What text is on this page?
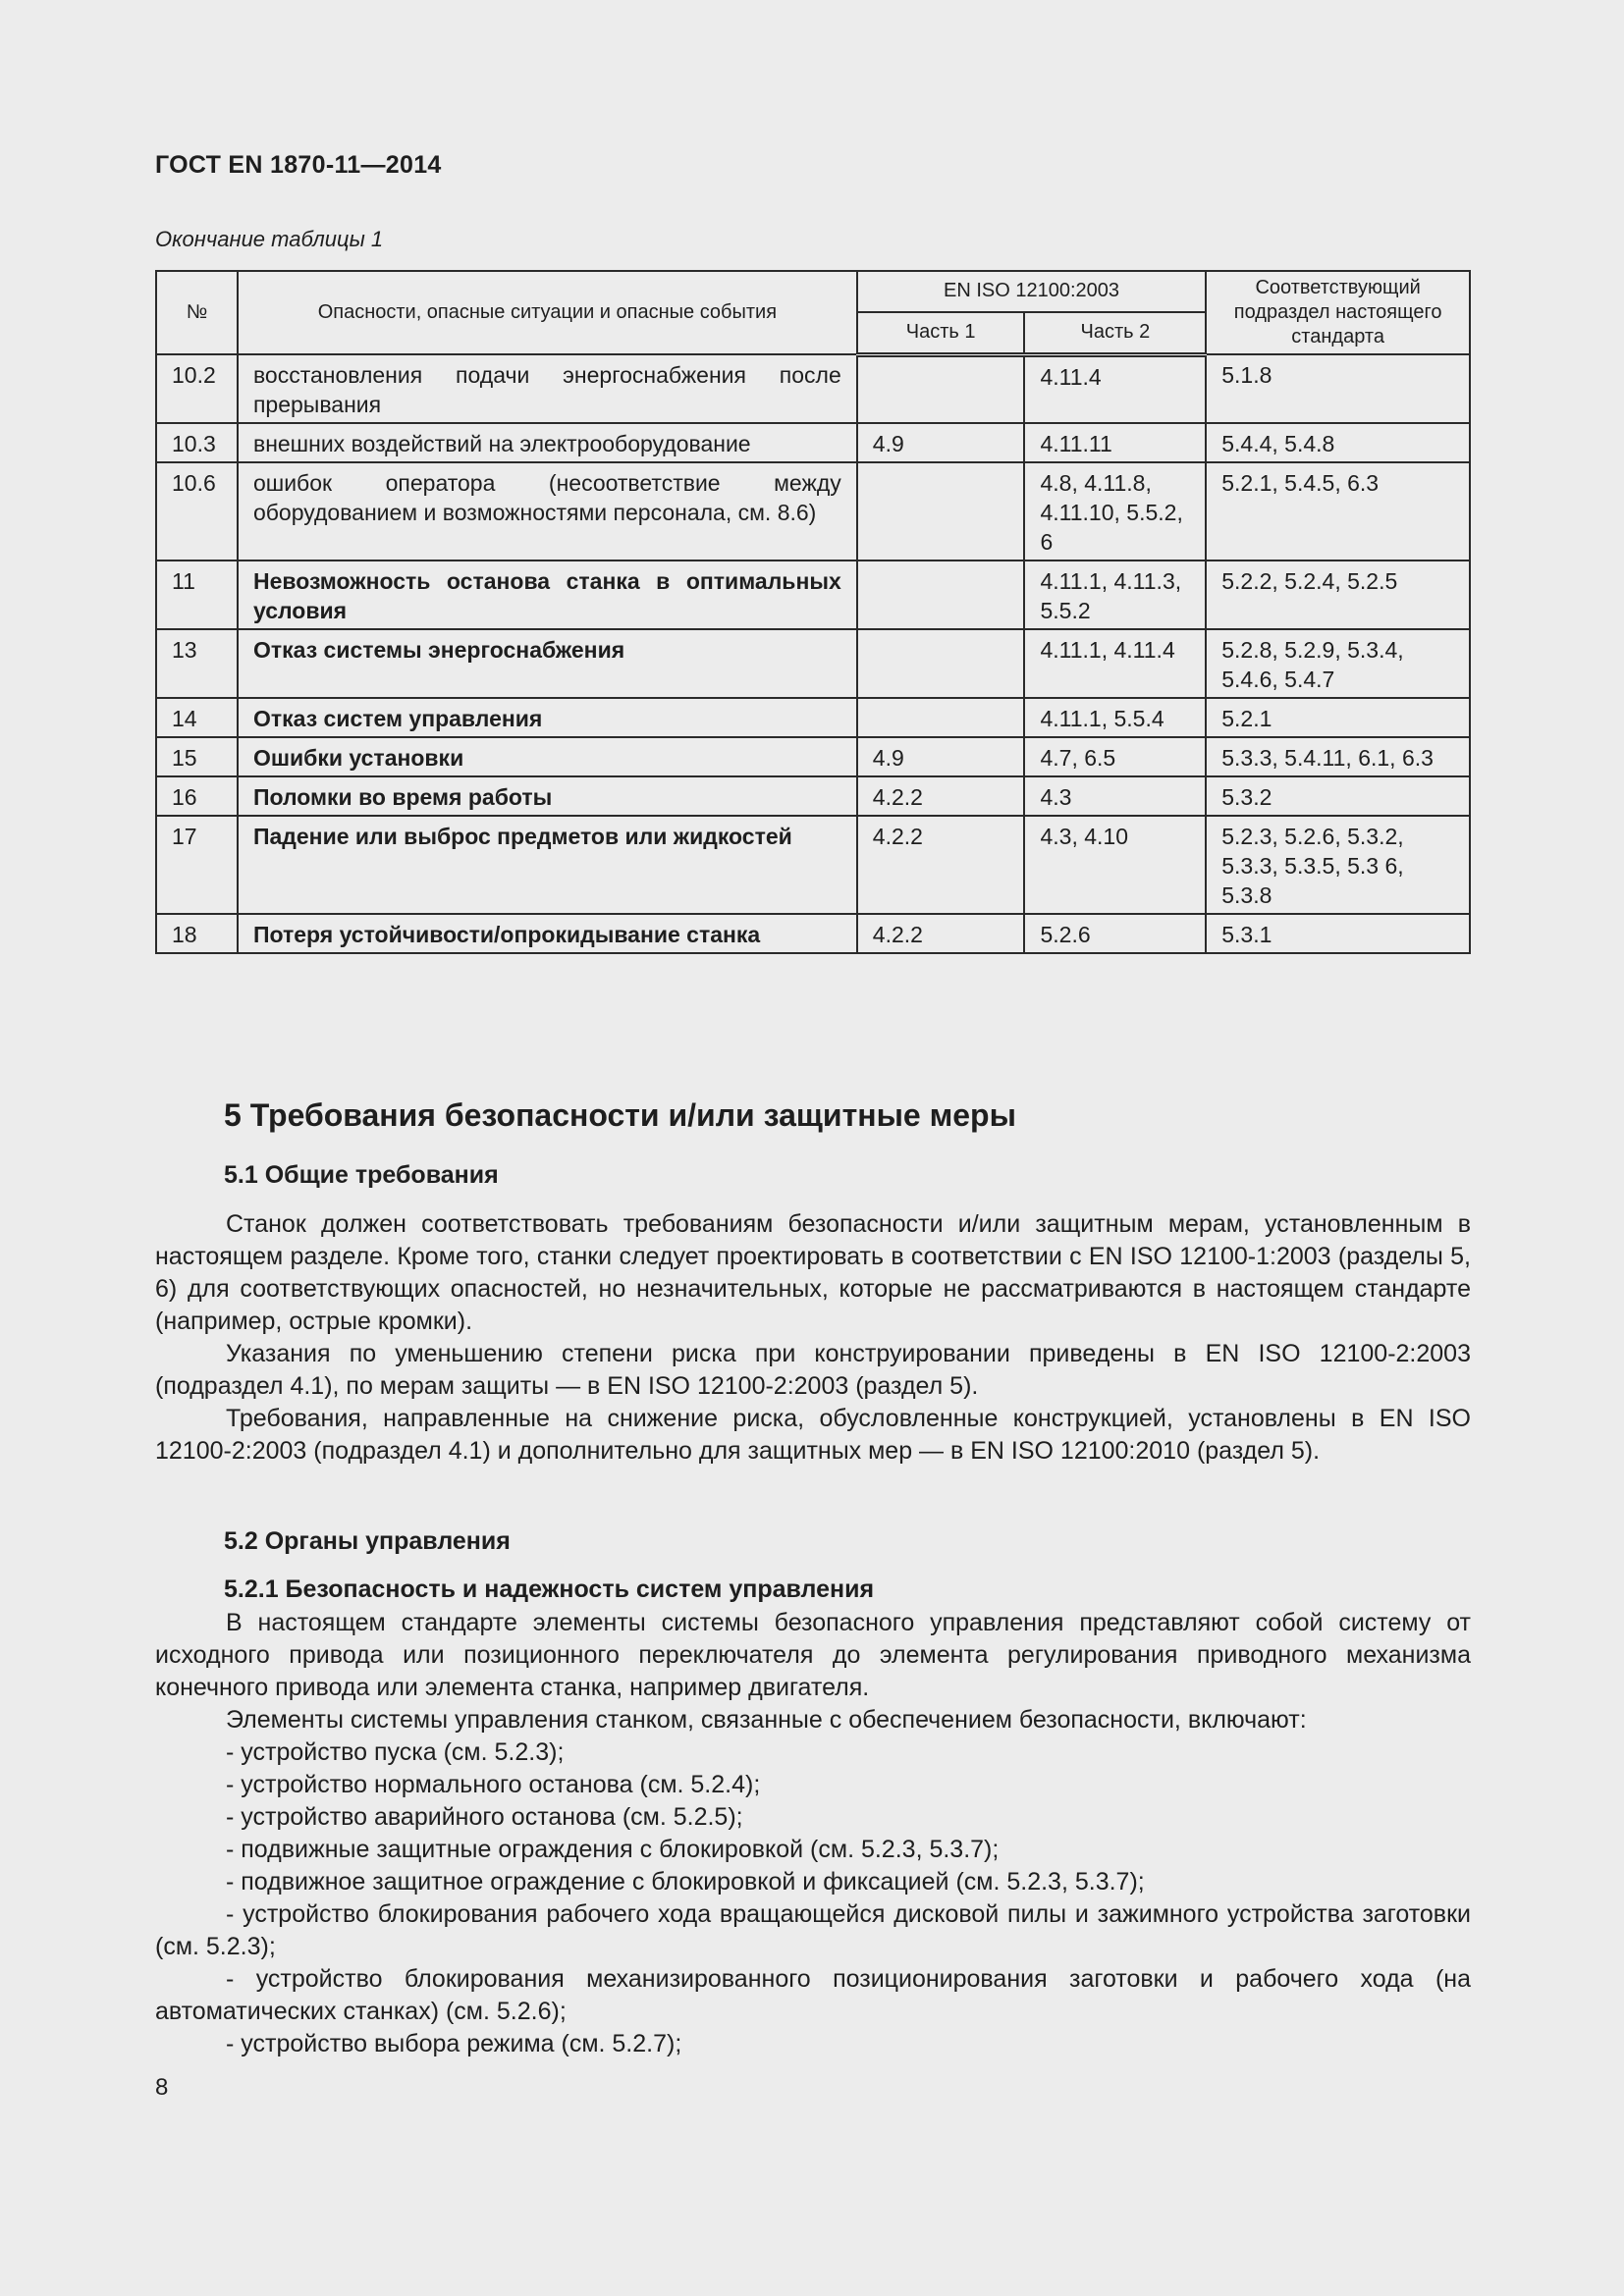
ГОСТ EN 1870-11—2014
Окончание таблицы 1
№	Опасности, опасные ситуации и опасные события	EN ISO 12100:2003		Соответствующий подраздел настоящего стандарта
		Часть 1	Часть 2	
10.2	восстановления подачи энергоснабжения после прерывания		4.11.4	5.1.8
10.3	внешних воздействий на электрооборудование	4.9	4.11.11	5.4.4, 5.4.8
10.6	ошибок оператора (несоответствие между оборудованием и возможностями персонала, см. 8.6)		4.8, 4.11.8, 4.11.10, 5.5.2, 6	5.2.1, 5.4.5, 6.3
11	Невозможность останова станка в оптимальных условия		4.11.1, 4.11.3, 5.5.2	5.2.2, 5.2.4, 5.2.5
13	Отказ системы энергоснабжения		4.11.1, 4.11.4	5.2.8, 5.2.9, 5.3.4, 5.4.6, 5.4.7
14	Отказ систем управления		4.11.1, 5.5.4	5.2.1
15	Ошибки установки	4.9	4.7, 6.5	5.3.3, 5.4.11, 6.1, 6.3
16	Поломки во время работы	4.2.2	4.3	5.3.2
17	Падение или выброс предметов или жидкостей	4.2.2	4.3, 4.10	5.2.3, 5.2.6, 5.3.2, 5.3.3, 5.3.5, 5.3 6, 5.3.8
18	Потеря устойчивости/опрокидывание станка	4.2.2	5.2.6	5.3.1
5 Требования безопасности и/или защитные меры
5.1 Общие требования

Станок должен соответствовать требованиям безопасности и/или защитным мерам, установленным в настоящем разделе. Кроме того, станки следует проектировать в соответствии с EN ISO 12100-1:2003 (разделы 5, 6) для соответствующих опасностей, но незначительных, которые не рассматриваются в настоящем стандарте (например, острые кромки).

Указания по уменьшению степени риска при конструировании приведены в EN ISO 12100-2:2003 (подраздел 4.1), по мерам защиты — в EN ISO 12100-2:2003 (раздел 5).

Требования, направленные на снижение риска, обусловленные конструкцией, установлены в EN ISO 12100-2:2003 (подраздел 4.1) и дополнительно для защитных мер — в EN ISO 12100:2010 (раздел 5).

5.2 Органы управления
5.2.1 Безопасность и надежность систем управления

В настоящем стандарте элементы системы безопасного управления представляют собой систему от исходного привода или позиционного переключателя до элемента регулирования приводного механизма конечного привода или элемента станка, например двигателя.

Элементы системы управления станком, связанные с обеспечением безопасности, включают:

- устройство пуска (см. 5.2.3);

- устройство нормального останова (см. 5.2.4);

- устройство аварийного останова (см. 5.2.5);

- подвижные защитные ограждения с блокировкой (см. 5.2.3, 5.3.7);

- подвижное защитное ограждение с блокировкой и фиксацией (см. 5.2.3, 5.3.7);

- устройство блокирования рабочего хода вращающейся дисковой пилы и зажимного устройства заготовки (см. 5.2.3);

- устройство блокирования механизированного позиционирования заготовки и рабочего хода (на автоматических станках) (см. 5.2.6);

- устройство выбора режима (см. 5.2.7);

8
